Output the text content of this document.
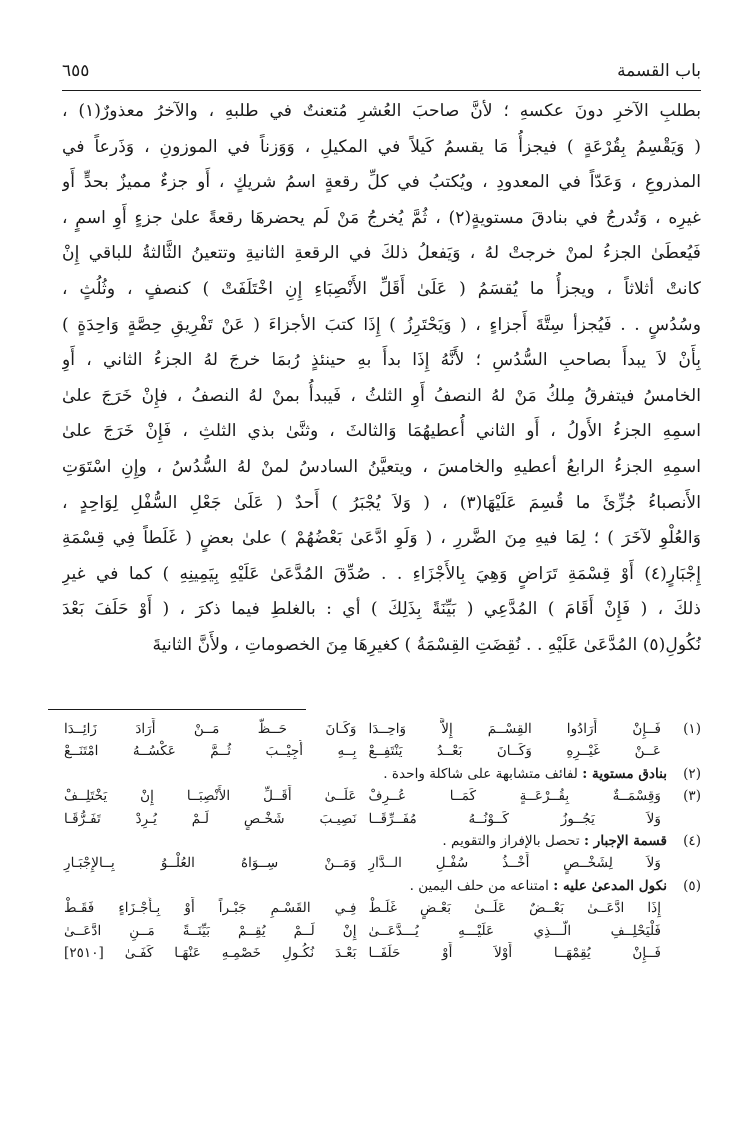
باب القسمة
٦٥٥
بطلبِ الآخرِ دونَ عكسهِ ؛ لأنَّ صاحبَ العُشرِ مُتعنتٌ في طلبهِ ، والآخرُ معذورٌ(١) ،
( وَيَقْسِمُ بِقُرْعَةٍ ) فيجزأُ مَا يقسمُ كَيلاً في المكيلِ ، وَوَزناً في الموزونِ ، وَذَرعاً في
المذروعِ ، وَعَدّاً في المعدودِ ، ويُكتبُ في كلِّ رقعةٍ اسمُ شريكٍ ، أَو جزءٌ مميزٌ بحدٍّ أَو
غيرِه ، وَتُدرجُ في بنادقَ مستويةٍ(٢) ، ثُمَّ يُخرجُ مَنْ لَم يحضرهَا رقعةً علىٰ جزءٍ أَوِ اسمٍ ،
فَيُعطَىٰ الجزءُ لمنْ خرجتْ لهُ ، وَيَفعلُ ذلكَ في الرقعةِ الثانيةِ وتتعينُ الثَّالثةُ للباقي إِنْ
كانتْ أثلاثاً ، ويجزأُ ما يُقسَمُ ( عَلَىٰ أَقَلِّ الأَنْصِبَاءِ إِنِ اخْتَلَفَتْ ) كنصفٍ ، وثُلُثٍ ،
وسُدُسٍ . . فَيُجزأ سِتَّةَ أَجزاءٍ ، ( وَيَحْتَرِزُ ) إِذَا كتبَ الأجزاءَ ( عَنْ تَفْرِيقِ حِصَّةٍ وَاحِدَةٍ )
بِأَنْ لاَ يبدأَ بصاحبِ السُّدُسِ ؛ لأَنَّهُ إِذَا بدأَ بهِ حينئذٍ رُبمَا خرجَ لهُ الجزءُ الثاني ، أَوِ
الخامسُ فيتفرقُ مِلكُ مَنْ لهُ النصفُ أَوِ الثلثُ ، فَيبدأُ بمنْ لهُ النصفُ ، فإِنْ خَرَجَ علىٰ
اسمِهِ الجزءُ الأَولُ ، أَو الثاني أُعطيهُمَا وَالثالثَ ، وثنَّىٰ بذي الثلثِ ، فَإِنْ خَرَجَ علىٰ
اسمِهِ الجزءُ الرابعُ أعطيهِ والخامسَ ، ويتعيَّنُ السادسُ لمنْ لهُ السُّدُسُ ، وإِنِ اسْتَوَتِ
الأَنصباءُ جُزِّئَ ما قُسِمَ عَلَيْهَا(٣) ، ( وَلاَ يُجْبَرُ ) أَحدٌ ( عَلَىٰ جَعْلِ السُّفْلِ لِوَاحِدٍ ،
وَالعُلْوِ لآخَرَ ) ؛ لِمَا فيهِ مِنَ الضَّررِ ، ( وَلَوِ ادَّعَىٰ بَعْضُهُمْ ) علىٰ بعضٍ ( غَلَطاً فِي قِسْمَةِ
إِجْبَارٍ(٤) أَوْ قِسْمَةِ تَرَاضٍ وَهِيَ بِالأَجْزَاءِ . . صُدِّقَ المُدَّعَىٰ عَلَيْهِ بِيَمِينِهِ ) كما في غيرِ
ذلكَ ، ( فَإِنْ أَقَامَ ) المُدَّعِي ( بَيِّنَةً بِذَلِكَ ) أي : بالغلطِ فيما ذكرَ ، ( أَوْ حَلَفَ بَعْدَ
نُكُولِ(٥) المُدَّعَىٰ عَلَيْهِ . . نُقِضَتِ القِسْمَةُ ) كغيرِهَا مِنَ الخصوماتِ ، ولأَنَّ الثانيةَ
(١)
فَــإِنْ أَرَادُوا القِسْــمَ إِلاَّ وَاحِــدَا
وَكَـانَ حَــظُّ مَــنْ أَرَادَ زَائِــدَا
عَــنْ غَيْــرِهِ وَكَــانَ بَعْــدُ يَنْتَفِــعْ
بِــهِ أُجِيْــبَ ثُــمَّ عَكْسُــهُ امْتَنَــعْ
(٢)
بنادق مستوية : لفائف متشابهة على شاكلة واحدة .
(٣)
وَقِسْمَــةٌ بِقُــرْعَــةٍ كَمَــا عُــرِفْ
عَلَــىٰ أَقَــلِّ الأَنْصِبَــا إِنْ يَخْتَلِــفْ
وَلاَ يَجُــوزُ كَــوْنُــهُ مُفَــرِّقَــا
نَصِيـبَ شَخْـصٍ لَـمْ يُـرِدْ تَفَـرُّقَـا
(٤)
قسمة الإجبار : تحصل بالإفراز والتقويم .
وَلاَ لِشَخْــصٍ أَخْــذُ سُفْـلِ الــدَّارِ
وَمَــنْ سِــوَاهُ العُلْــوُ بِــالإِجْبَـارِ
(٥)
نكول المدعىٰ عليه : امتناعه من حلف اليمين .
إِذَا ادَّعَــىٰ بَعْــضٌ عَلَــىٰ بَعْـضٍ غَلَـطْ
فِـي القَسْـمِ جَبْـراً أَوْ بِـأَجْـزَاءٍ فَقَـطْ
فَلْيَحْلِــفِ الَّـــذِي عَلَيْـــهِ يُـــدَّعَــىٰ
إِنْ لَــمْ يُقِــمْ بَيِّنَــةً مَــنِ ادَّعَــىٰ
فَــإِنْ يُقِمْهَــا أَوْلاَ أَوْ حَلَفَــا
بَعْـدَ نُكُـولِ خَصْمِـهِ عَنْهَـا كَفَـىٰ [٢٥١٠]
